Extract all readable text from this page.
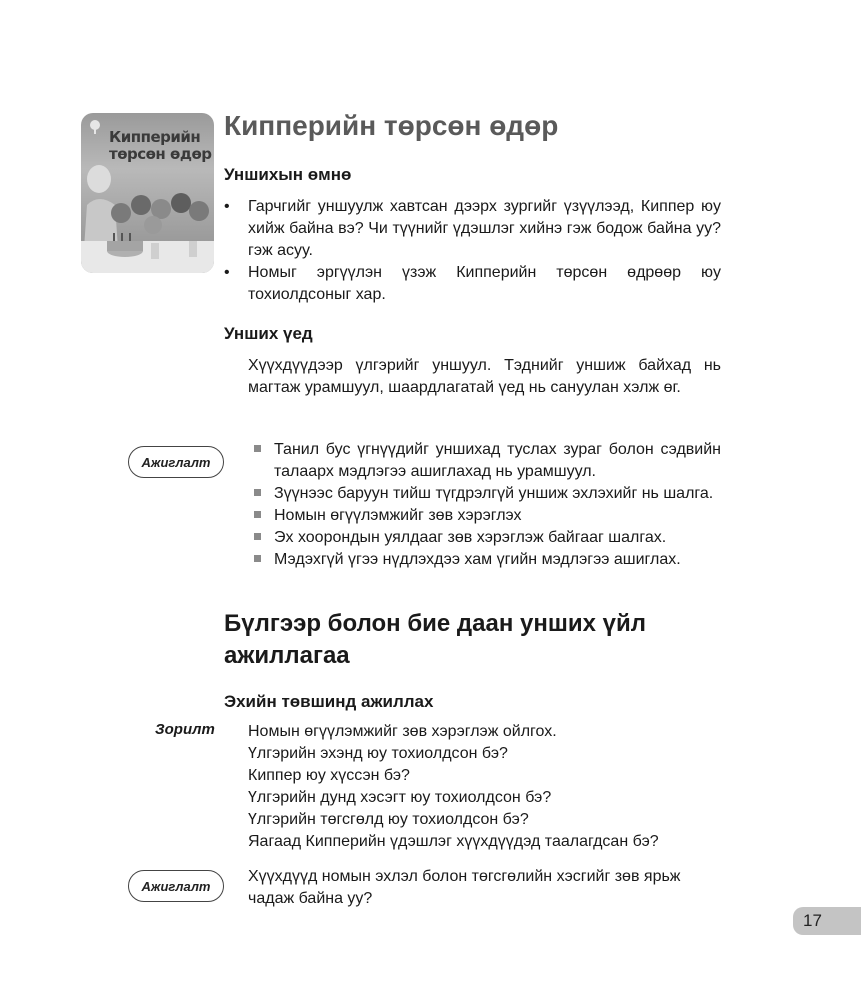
Кипперийн
төрсөн өдөр
Кипперийн төрсөн өдөр
Уншихын өмнө
•	Гарчгийг уншуулж хавтсан дээрх зургийг үзүүлээд, Киппер юу хийж байна вэ? Чи түүнийг үдэшлэг хийнэ гэж бодож байна уу? гэж асуу.
•	Номыг эргүүлэн үзэж Кипперийн төрсөн өдрөөр юу тохиолдсоныг хар.
Унших үед

Хүүхдүүдээр үлгэрийг уншуул. Тэднийг уншиж байхад нь магтаж урамшуул, шаардлагатай үед нь сануулан хэлж өг.

Ажиглалт
Танил бус үгнүүдийг уншихад туслах зураг болон сэдвийн талаарх мэдлэгээ ашиглахад нь урамшуул.
Зүүнээс баруун тийш түгдрэлгүй уншиж эхлэхийг нь шалга.
Номын өгүүлэмжийг зөв хэрэглэх
Эх хоорондын уялдааг зөв хэрэглэж байгааг шалгах.
Мэдэхгүй үгээ нүдлэхдээ хам үгийн мэдлэгээ ашиглах.
Бүлгээр болон бие даан унших үйл ажиллагаа
Эхийн төвшинд ажиллах
Зорилт Номын өгүүлэмжийг зөв хэрэглэж ойлгох.

Үлгэрийн эхэнд юу тохиолдсон бэ?

Киппер юу хүссэн бэ?

Үлгэрийн дунд хэсэгт юу тохиолдсон бэ?

Үлгэрийн төгсгөлд юу тохиолдсон бэ?

Яагаад Кипперийн үдэшлэг хүүхдүүдэд таалагдсан бэ?

Ажиглалт

Хүүхдүүд номын эхлэл болон төгсгөлийн хэсгийг зөв ярьж

чадаж байна уу?

17
